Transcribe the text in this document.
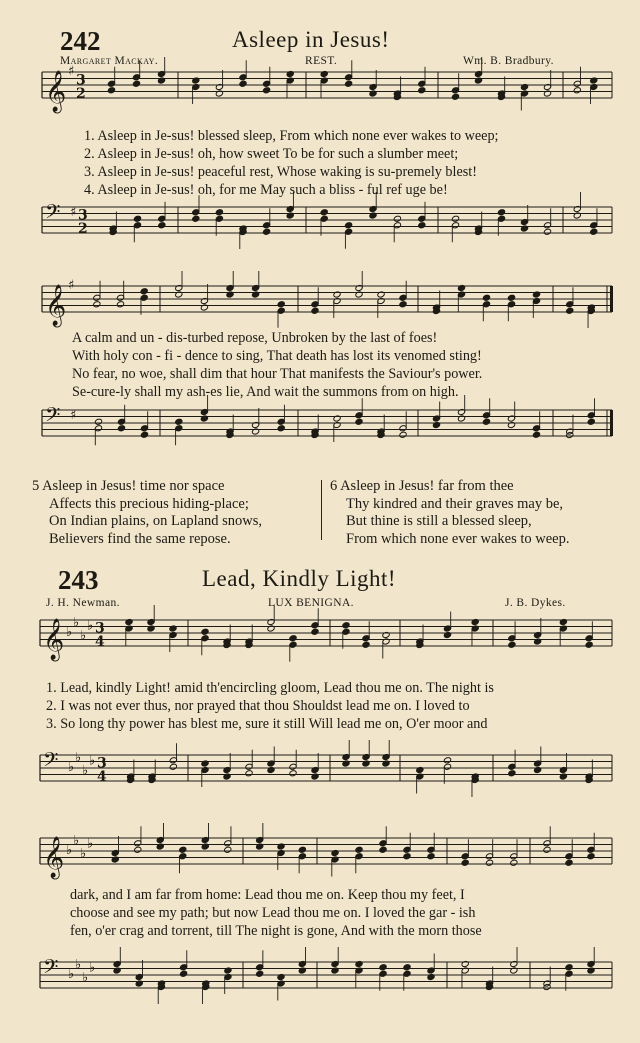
242	Asleep in Jesus!
Margaret Mackay.	REST.	Wm. B. Bradbury.
𝄞 ♯
3
2
1. Asleep in Je-sus! blessed sleep, From which none ever wakes to weep;
2. Asleep in Je-sus! oh, how sweet To be for such a slumber meet;
3. Asleep in Je-sus! peaceful rest, Whose waking is su-premely blest!
4. Asleep in Je-sus! oh, for me May such a bliss - ful ref uge be!
𝄢 ♯ 3
2
𝄞 ♯
A calm and un - dis-turbed repose, Unbroken by the last of foes!
With holy con - fi - dence to sing, That death has lost its venomed sting!
No fear, no woe, shall dim that hour That manifests the Saviour's power.
Se-cure-ly shall my ash-es lie, And wait the summons from on high.
𝄢 ♯
5 Asleep in Jesus! time nor space
Affects this precious hiding-place;
On Indian plains, on Lapland snows,
Believers find the same repose.
6 Asleep in Jesus! far from thee
Thy kindred and their graves may be,
But thine is still a blessed sleep,
From which none ever wakes to weep.
243	Lead, Kindly Light!
J. H. Newman.	LUX BENIGNA.	J. B. Dykes.
𝄞 ♭
♭
♭
♭ 3
4
1. Lead, kindly Light! amid th'encircling gloom, Lead thou me on. The night is
2. I was not ever thus, nor prayed that thou Shouldst lead me on. I loved to
3. So long thy power has blest me, sure it still Will lead me on, O'er moor and
𝄢 ♭
♭
♭
♭ 3
4
𝄞 ♭
♭
♭
♭
dark, and I am far from home: Lead thou me on. Keep thou my feet, I
choose and see my path; but now Lead thou me on. I loved the gar - ish
fen, o'er crag and torrent, till The night is gone, And with the morn those
𝄢 ♭
♭
♭
♭
